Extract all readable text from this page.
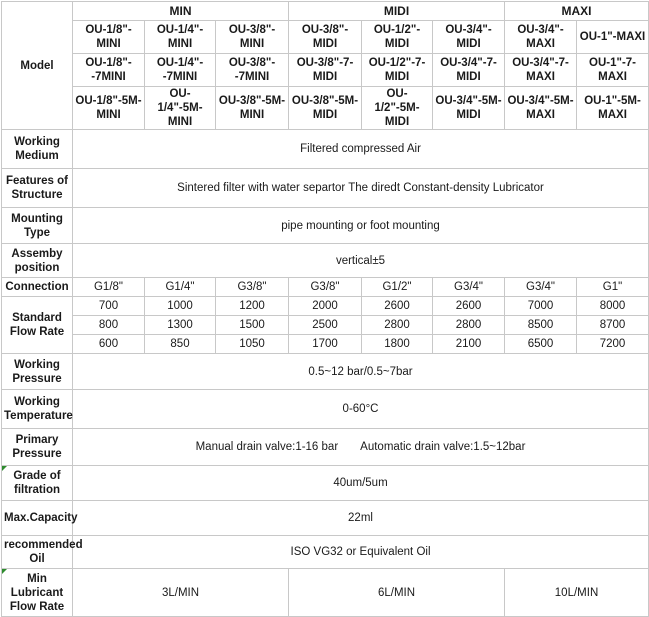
Model	MIN			MIDI			MAXI	
	OU-1/8"-MINI	OU-1/4"-MINI	OU-3/8"-MINI	OU-3/8"-MIDI	OU-1/2"-MIDI	OU-3/4"-MIDI	OU-3/4"-MAXI	OU-1"-MAXI
	OU-1/8"--7MINI	OU-1/4"--7MINI	OU-3/8"--7MINI	OU-3/8"-7-MIDI	OU-1/2"-7-MIDI	OU-3/4"-7-MIDI	OU-3/4"-7-MAXI	OU-1"-7-MAXI
	OU-1/8"-5M-MINI	OU-1/4"-5M-MINI	OU-3/8"-5M-MINI	OU-3/8"-5M-MIDI	OU-1/2"-5M-MIDI	OU-3/4"-5M-MIDI	OU-3/4"-5M-MAXI	OU-1"-5M-MAXI
Working Medium	Filtered compressed Air							
Features of Structure	Sintered filter with water separtor The diredt Constant-density Lubricator							
Mounting Type	pipe mounting or foot mounting							
Assemby position	vertical±5							
Connection	G1/8"	G1/4"	G3/8"	G3/8"	G1/2"	G3/4"	G3/4"	G1"
Standard Flow Rate	700	1000	1200	2000	2600	2600	7000	8000
	800	1300	1500	2500	2800	2800	8500	8700
	600	850	1050	1700	1800	2100	6500	7200
Working Pressure	0.5~12 bar/0.5~7bar							
Working Temperature	0-60°C							
Primary Pressure	Manual drain valve:1-16 bar Automatic drain valve:1.5~12bar							

Grade of filtration	40um/5um							
Max.Capacity	22ml							
recommended Oil	ISO VG32 or Equivalent Oil							

Min Lubricant Flow Rate	3L/MIN			6L/MIN			10L/MIN	
